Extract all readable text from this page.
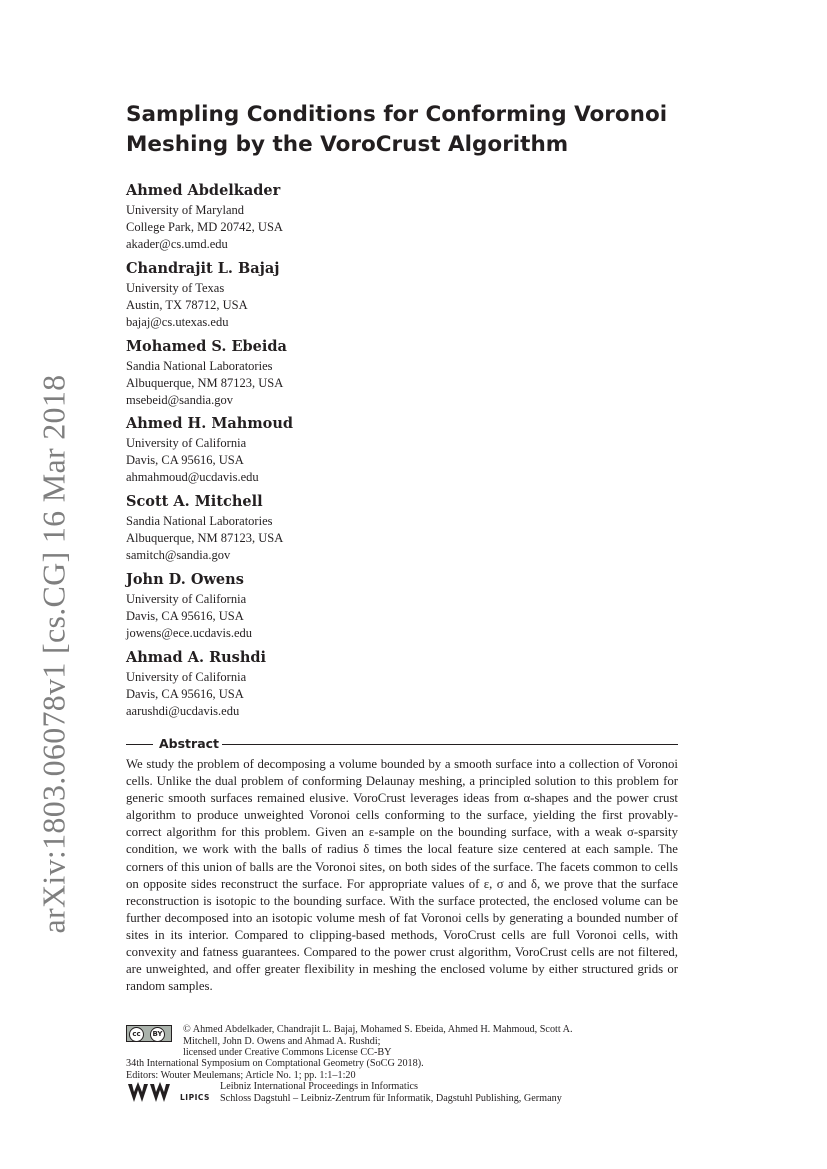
arXiv:1803.06078v1 [cs.CG] 16 Mar 2018
Sampling Conditions for Conforming Voronoi
Meshing by the VoroCrust Algorithm
Ahmed Abdelkader
University of Maryland
College Park, MD 20742, USA
akader@cs.umd.edu
Chandrajit L. Bajaj
University of Texas
Austin, TX 78712, USA
bajaj@cs.utexas.edu
Mohamed S. Ebeida
Sandia National Laboratories
Albuquerque, NM 87123, USA
msebeid@sandia.gov
Ahmed H. Mahmoud
University of California
Davis, CA 95616, USA
ahmahmoud@ucdavis.edu
Scott A. Mitchell
Sandia National Laboratories
Albuquerque, NM 87123, USA
samitch@sandia.gov
John D. Owens
University of California
Davis, CA 95616, USA
jowens@ece.ucdavis.edu
Ahmad A. Rushdi
University of California
Davis, CA 95616, USA
aarushdi@ucdavis.edu
Abstract

We study the problem of decomposing a volume bounded by a smooth surface into a collection of Voronoi cells. Unlike the dual problem of conforming Delaunay meshing, a principled solution to this problem for generic smooth surfaces remained elusive. VoroCrust leverages ideas from α-shapes and the power crust algorithm to produce unweighted Voronoi cells conforming to the surface, yielding the first provably-correct algorithm for this problem. Given an ε-sample on the bounding surface, with a weak σ-sparsity condition, we work with the balls of radius δ times the local feature size centered at each sample. The corners of this union of balls are the Voronoi sites, on both sides of the surface. The facets common to cells on opposite sides reconstruct the surface. For appropriate values of ε, σ and δ, we prove that the surface reconstruction is isotopic to the bounding surface. With the surface protected, the enclosed volume can be further decomposed into an isotopic volume mesh of fat Voronoi cells by generating a bounded number of sites in its interior. Compared to clipping-based methods, VoroCrust cells are full Voronoi cells, with convexity and fatness guarantees. Compared to the power crust algorithm, VoroCrust cells are not filtered, are unweighted, and offer greater flexibility in meshing the enclosed volume by either structured grids or random samples.

cc	BY © Ahmed Abdelkader, Chandrajit L. Bajaj, Mohamed S. Ebeida, Ahmed H. Mahmoud, Scott A.
Mitchell, John D. Owens and Ahmad A. Rushdi;
licensed under Creative Commons License CC-BY
34th International Symposium on Comptational Geometry (SoCG 2018).
Editors: Wouter Meulemans; Article No. 1; pp. 1:1–1:20
LIPICS
Leibniz International Proceedings in Informatics
Schloss Dagstuhl – Leibniz-Zentrum für Informatik, Dagstuhl Publishing, Germany
